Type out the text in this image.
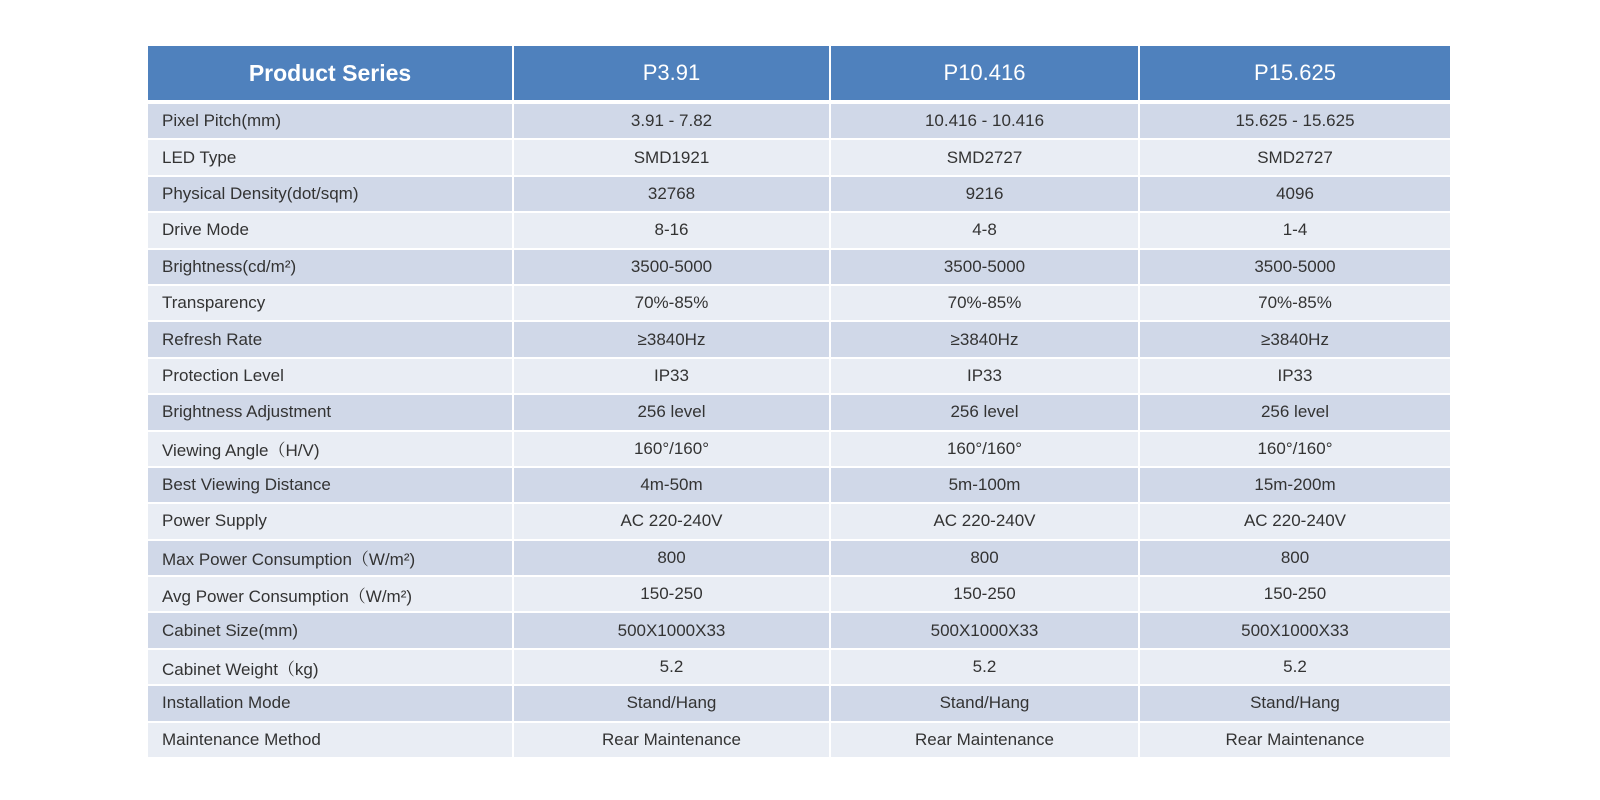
Product Series	P3.91	P10.416	P15.625
Pixel Pitch(mm)	3.91 - 7.82	10.416 - 10.416	15.625 - 15.625
LED Type	SMD1921	SMD2727	SMD2727
Physical Density(dot/sqm)	32768	9216	4096
Drive Mode	8-16	4-8	1-4
Brightness(cd/m²)	3500-5000	3500-5000	3500-5000
Transparency	70%-85%	70%-85%	70%-85%
Refresh Rate	≥3840Hz	≥3840Hz	≥3840Hz
Protection Level	IP33	IP33	IP33
Brightness Adjustment	256 level	256 level	256 level
Viewing Angle（H/V)	160°/160°	160°/160°	160°/160°
Best Viewing Distance	4m-50m	5m-100m	15m-200m
Power Supply	AC 220-240V	AC 220-240V	AC 220-240V
Max Power Consumption（W/m²)	800	800	800
Avg Power Consumption（W/m²)	150-250	150-250	150-250
Cabinet Size(mm)	500X1000X33	500X1000X33	500X1000X33
Cabinet Weight（kg)	5.2	5.2	5.2
Installation Mode	Stand/Hang	Stand/Hang	Stand/Hang
Maintenance Method	Rear Maintenance	Rear Maintenance	Rear Maintenance
